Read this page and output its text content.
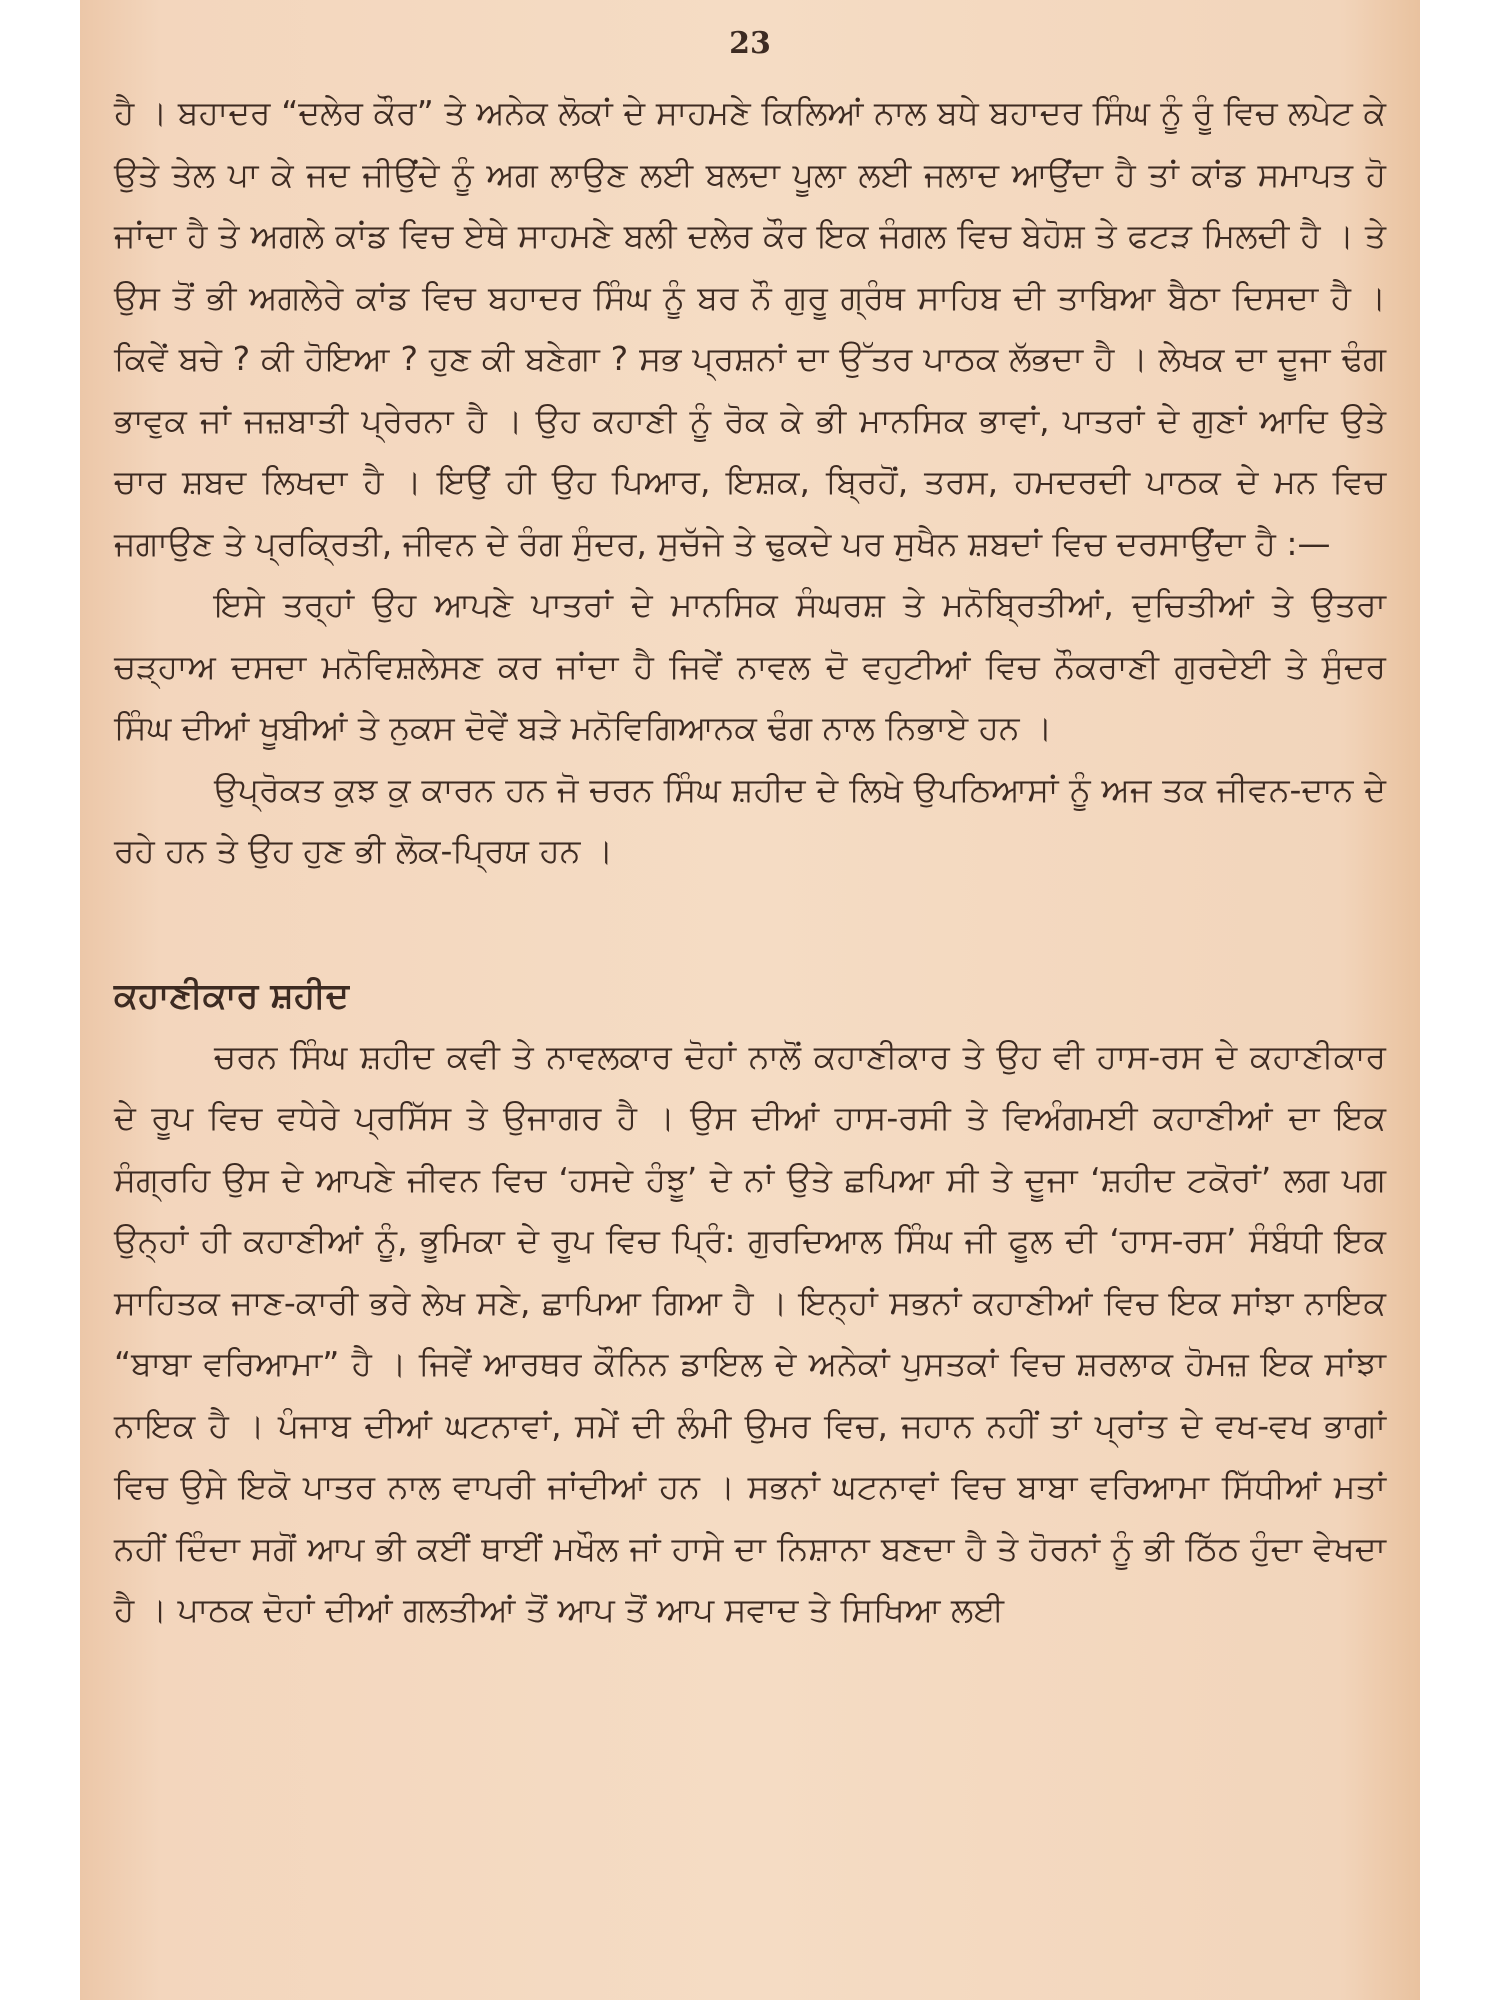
23

ਹੈ । ਬਹਾਦਰ “ਦਲੇਰ ਕੌਰ” ਤੇ ਅਨੇਕ ਲੋਕਾਂ ਦੇ ਸਾਹਮਣੇ ਕਿਲਿਆਂ ਨਾਲ ਬਧੇ ਬਹਾਦਰ ਸਿੰਘ ਨੂੰ ਰੂੰ ਵਿਚ ਲਪੇਟ ਕੇ ਉਤੇ ਤੇਲ ਪਾ ਕੇ ਜਦ ਜੀਉਂਦੇ ਨੂੰ ਅਗ ਲਾਉਣ ਲਈ ਬਲਦਾ ਪੂਲਾ ਲਈ ਜਲਾਦ ਆਉਂਦਾ ਹੈ ਤਾਂ ਕਾਂਡ ਸਮਾਪਤ ਹੋ ਜਾਂਦਾ ਹੈ ਤੇ ਅਗਲੇ ਕਾਂਡ ਵਿਚ ਏਥੇ ਸਾਹਮਣੇ ਬਲੀ ਦਲੇਰ ਕੌਰ ਇਕ ਜੰਗਲ ਵਿਚ ਬੇਹੋਸ਼ ਤੇ ਫਟੜ ਮਿਲਦੀ ਹੈ । ਤੇ ਉਸ ਤੋਂ ਭੀ ਅਗਲੇਰੇ ਕਾਂਡ ਵਿਚ ਬਹਾਦਰ ਸਿੰਘ ਨੂੰ ਬਰ ਨੌ ਗੁਰੂ ਗ੍ਰੰਥ ਸਾਹਿਬ ਦੀ ਤਾਬਿਆ ਬੈਠਾ ਦਿਸਦਾ ਹੈ । ਕਿਵੇਂ ਬਚੇ ? ਕੀ ਹੋਇਆ ? ਹੁਣ ਕੀ ਬਣੇਗਾ ? ਸਭ ਪ੍ਰਸ਼ਨਾਂ ਦਾ ਉੱਤਰ ਪਾਠਕ ਲੱਭਦਾ ਹੈ । ਲੇਖਕ ਦਾ ਦੂਜਾ ਢੰਗ ਭਾਵੁਕ ਜਾਂ ਜਜ਼ਬਾਤੀ ਪ੍ਰੇਰਨਾ ਹੈ । ਉਹ ਕਹਾਣੀ ਨੂੰ ਰੋਕ ਕੇ ਭੀ ਮਾਨਸਿਕ ਭਾਵਾਂ, ਪਾਤਰਾਂ ਦੇ ਗੁਣਾਂ ਆਦਿ ਉਤੇ ਚਾਰ ਸ਼ਬਦ ਲਿਖਦਾ ਹੈ । ਇਉਂ ਹੀ ਉਹ ਪਿਆਰ, ਇਸ਼ਕ, ਬ੍ਰਿਹੋਂ, ਤਰਸ, ਹਮਦਰਦੀ ਪਾਠਕ ਦੇ ਮਨ ਵਿਚ ਜਗਾਉਣ ਤੇ ਪ੍ਰਕ੍ਰਿਤੀ, ਜੀਵਨ ਦੇ ਰੰਗ ਸੁੰਦਰ, ਸੁਚੱਜੇ ਤੇ ਢੁਕਦੇ ਪਰ ਸੁਖੈਨ ਸ਼ਬਦਾਂ ਵਿਚ ਦਰਸਾਉਂਦਾ ਹੈ :—

ਇਸੇ ਤਰ੍ਹਾਂ ਉਹ ਆਪਣੇ ਪਾਤਰਾਂ ਦੇ ਮਾਨਸਿਕ ਸੰਘਰਸ਼ ਤੇ ਮਨੋਬ੍ਰਿਤੀਆਂ, ਦੁਚਿਤੀਆਂ ਤੇ ਉਤਰਾ ਚੜ੍ਹਾਅ ਦਸਦਾ ਮਨੋਵਿਸ਼ਲੇਸਣ ਕਰ ਜਾਂਦਾ ਹੈ ਜਿਵੇਂ ਨਾਵਲ ਦੋ ਵਹੁਟੀਆਂ ਵਿਚ ਨੌਕਰਾਣੀ ਗੁਰਦੇਈ ਤੇ ਸੁੰਦਰ ਸਿੰਘ ਦੀਆਂ ਖੂਬੀਆਂ ਤੇ ਨੁਕਸ ਦੋਵੇਂ ਬੜੇ ਮਨੋਵਿਗਿਆਨਕ ਢੰਗ ਨਾਲ ਨਿਭਾਏ ਹਨ ।

ਉਪ੍ਰੋਕਤ ਕੁਝ ਕੁ ਕਾਰਨ ਹਨ ਜੋ ਚਰਨ ਸਿੰਘ ਸ਼ਹੀਦ ਦੇ ਲਿਖੇ ਉਪਠਿਆਸਾਂ ਨੂੰ ਅਜ ਤਕ ਜੀਵਨ-ਦਾਨ ਦੇ ਰਹੇ ਹਨ ਤੇ ਉਹ ਹੁਣ ਭੀ ਲੋਕ-ਪ੍ਰਿਯ ਹਨ ।

ਕਹਾਣੀਕਾਰ ਸ਼ਹੀਦ

ਚਰਨ ਸਿੰਘ ਸ਼ਹੀਦ ਕਵੀ ਤੇ ਨਾਵਲਕਾਰ ਦੋਹਾਂ ਨਾਲੋਂ ਕਹਾਣੀਕਾਰ ਤੇ ਉਹ ਵੀ ਹਾਸ-ਰਸ ਦੇ ਕਹਾਣੀਕਾਰ ਦੇ ਰੂਪ ਵਿਚ ਵਧੇਰੇ ਪ੍ਰਸਿੱਸ ਤੇ ਉਜਾਗਰ ਹੈ । ਉਸ ਦੀਆਂ ਹਾਸ-ਰਸੀ ਤੇ ਵਿਅੰਗਮਈ ਕਹਾਣੀਆਂ ਦਾ ਇਕ ਸੰਗ੍ਰਹਿ ਉਸ ਦੇ ਆਪਣੇ ਜੀਵਨ ਵਿਚ ‘ਹਸਦੇ ਹੰਝੂ’ ਦੇ ਨਾਂ ਉਤੇ ਛਪਿਆ ਸੀ ਤੇ ਦੂਜਾ ‘ਸ਼ਹੀਦ ਟਕੋਰਾਂ’ ਲਗ ਪਗ ਉਨ੍ਹਾਂ ਹੀ ਕਹਾਣੀਆਂ ਨੂੰ, ਭੂਮਿਕਾ ਦੇ ਰੂਪ ਵਿਚ ਪ੍ਰਿੰ: ਗੁਰਦਿਆਲ ਸਿੰਘ ਜੀ ਫੂਲ ਦੀ ‘ਹਾਸ-ਰਸ’ ਸੰਬੰਧੀ ਇਕ ਸਾਹਿਤਕ ਜਾਣ-ਕਾਰੀ ਭਰੇ ਲੇਖ ਸਣੇ, ਛਾਪਿਆ ਗਿਆ ਹੈ । ਇਨ੍ਹਾਂ ਸਭਨਾਂ ਕਹਾਣੀਆਂ ਵਿਚ ਇਕ ਸਾਂਝਾ ਨਾਇਕ “ਬਾਬਾ ਵਰਿਆਮਾ” ਹੈ । ਜਿਵੇਂ ਆਰਥਰ ਕੌਨਿਨ ਡਾਇਲ ਦੇ ਅਨੇਕਾਂ ਪੁਸਤਕਾਂ ਵਿਚ ਸ਼ਰਲਾਕ ਹੋਮਜ਼ ਇਕ ਸਾਂਝਾ ਨਾਇਕ ਹੈ । ਪੰਜਾਬ ਦੀਆਂ ਘਟਨਾਵਾਂ, ਸਮੇਂ ਦੀ ਲੰਮੀ ਉਮਰ ਵਿਚ, ਜਹਾਨ ਨਹੀਂ ਤਾਂ ਪ੍ਰਾਂਤ ਦੇ ਵਖ-ਵਖ ਭਾਗਾਂ ਵਿਚ ਉਸੇ ਇਕੋ ਪਾਤਰ ਨਾਲ ਵਾਪਰੀ ਜਾਂਦੀਆਂ ਹਨ । ਸਭਨਾਂ ਘਟਨਾਵਾਂ ਵਿਚ ਬਾਬਾ ਵਰਿਆਮਾ ਸਿੱਧੀਆਂ ਮਤਾਂ ਨਹੀਂ ਦਿੰਦਾ ਸਗੋਂ ਆਪ ਭੀ ਕਈਂ ਥਾਈਂ ਮਖੌਲ ਜਾਂ ਹਾਸੇ ਦਾ ਨਿਸ਼ਾਨਾ ਬਣਦਾ ਹੈ ਤੇ ਹੋਰਨਾਂ ਨੂੰ ਭੀ ਠਿੱਠ ਹੁੰਦਾ ਵੇਖਦਾ ਹੈ । ਪਾਠਕ ਦੋਹਾਂ ਦੀਆਂ ਗਲਤੀਆਂ ਤੋਂ ਆਪ ਤੋਂ ਆਪ ਸਵਾਦ ਤੇ ਸਿਖਿਆ ਲਈ
